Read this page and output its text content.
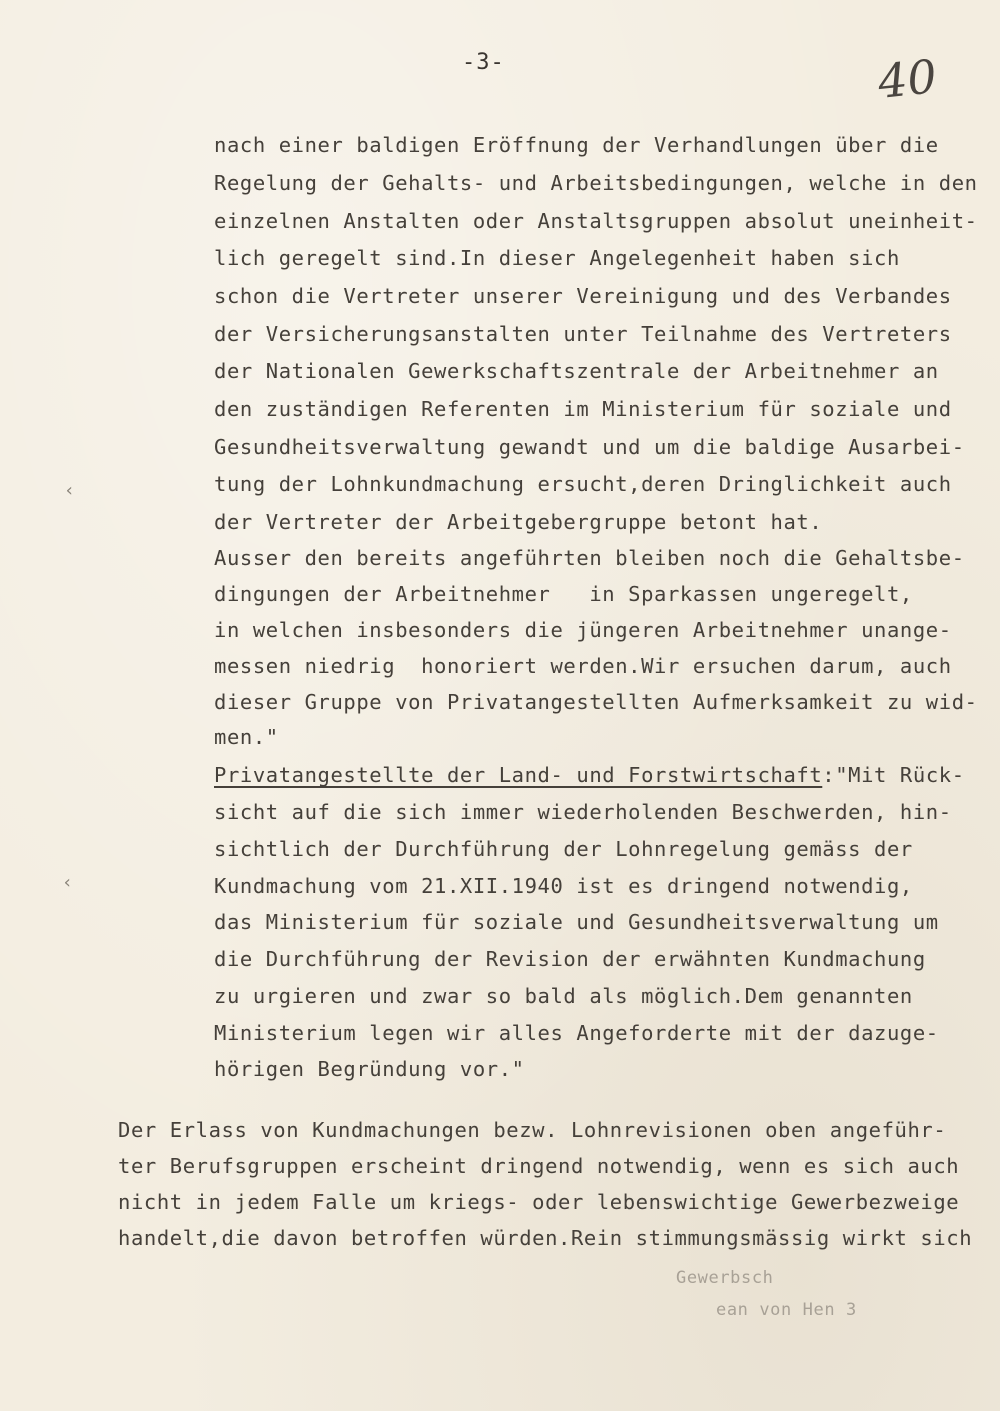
-3-	40
nach einer baldigen Eröffnung der Verhandlungen über die
Regelung der Gehalts- und Arbeitsbedingungen, welche in den
einzelnen Anstalten oder Anstaltsgruppen absolut uneinheit-
lich geregelt sind.In dieser Angelegenheit haben sich
schon die Vertreter unserer Vereinigung und des Verbandes
der Versicherungsanstalten unter Teilnahme des Vertreters
der Nationalen Gewerkschaftszentrale der Arbeitnehmer an
den zuständigen Referenten im Ministerium für soziale und
Gesundheitsverwaltung gewandt und um die baldige Ausarbei-
tung der Lohnkundmachung ersucht,deren Dringlichkeit auch
der Vertreter der Arbeitgebergruppe betont hat.
Ausser den bereits angeführten bleiben noch die Gehaltsbe-
dingungen der Arbeitnehmer   in Sparkassen ungeregelt,
in welchen insbesonders die jüngeren Arbeitnehmer unange-
messen niedrig  honoriert werden.Wir ersuchen darum, auch
dieser Gruppe von Privatangestellten Aufmerksamkeit zu wid-
men."
Privatangestellte der Land- und Forstwirtschaft:"Mit Rück-
sicht auf die sich immer wiederholenden Beschwerden, hin-
sichtlich der Durchführung der Lohnregelung gemäss der
Kundmachung vom 21.XII.1940 ist es dringend notwendig,
das Ministerium für soziale und Gesundheitsverwaltung um
die Durchführung der Revision der erwähnten Kundmachung
zu urgieren und zwar so bald als möglich.Dem genannten
Ministerium legen wir alles Angeforderte mit der dazuge-
hörigen Begründung vor."
Der Erlass von Kundmachungen bezw. Lohnrevisionen oben angeführ-
ter Berufsgruppen erscheint dringend notwendig, wenn es sich auch
nicht in jedem Falle um kriegs- oder lebenswichtige Gewerbezweige
handelt,die davon betroffen würden.Rein stimmungsmässig wirkt sich
Gewerbsch
ean von Hen 3
‹
‹
